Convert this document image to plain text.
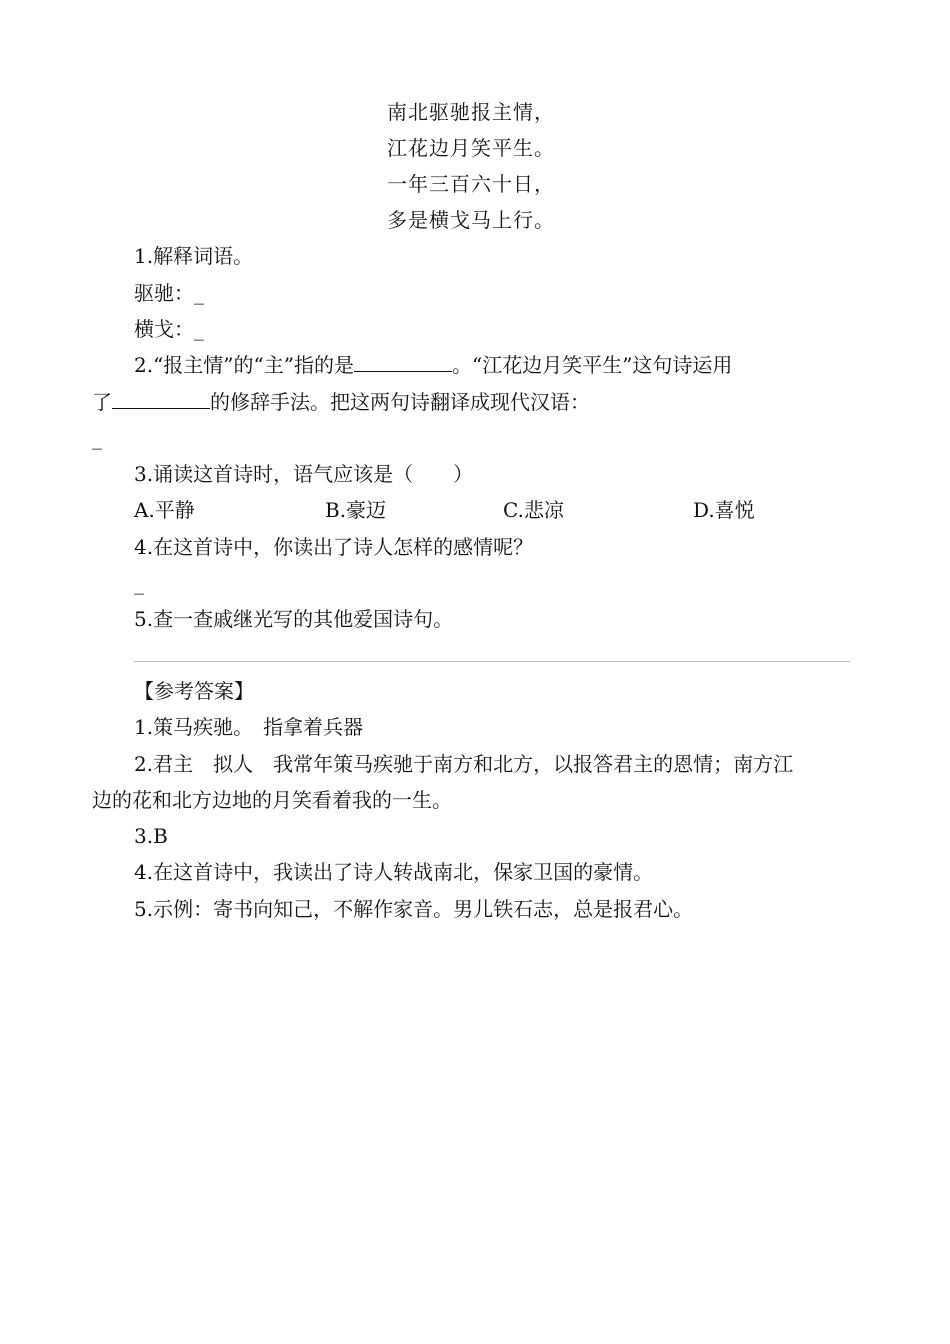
南北驱驰报主情，
江花边月笑平生。
一年三百六十日，
多是横戈马上行。
1.解释词语。
驱驰：_
横戈：_
2.“报主情”的“主”指的是	。“江花边月笑平生”这句诗运用
了	的修辞手法。把这两句诗翻译成现代汉语：
_
3.诵读这首诗时，语气应该是（　　）
A.平静	B.豪迈	C.悲凉	D.喜悦
4.在这首诗中，你读出了诗人怎样的感情呢？
_
5.查一查戚继光写的其他爱国诗句。
【参考答案】
1.策马疾驰。　指拿着兵器
2.君主　拟人　我常年策马疾驰于南方和北方，以报答君主的恩情；南方江
边的花和北方边地的月笑看着我的一生。
3.B
4.在这首诗中，我读出了诗人转战南北，保家卫国的豪情。
5.示例：寄书向知己，不解作家音。男儿铁石志，总是报君心。
